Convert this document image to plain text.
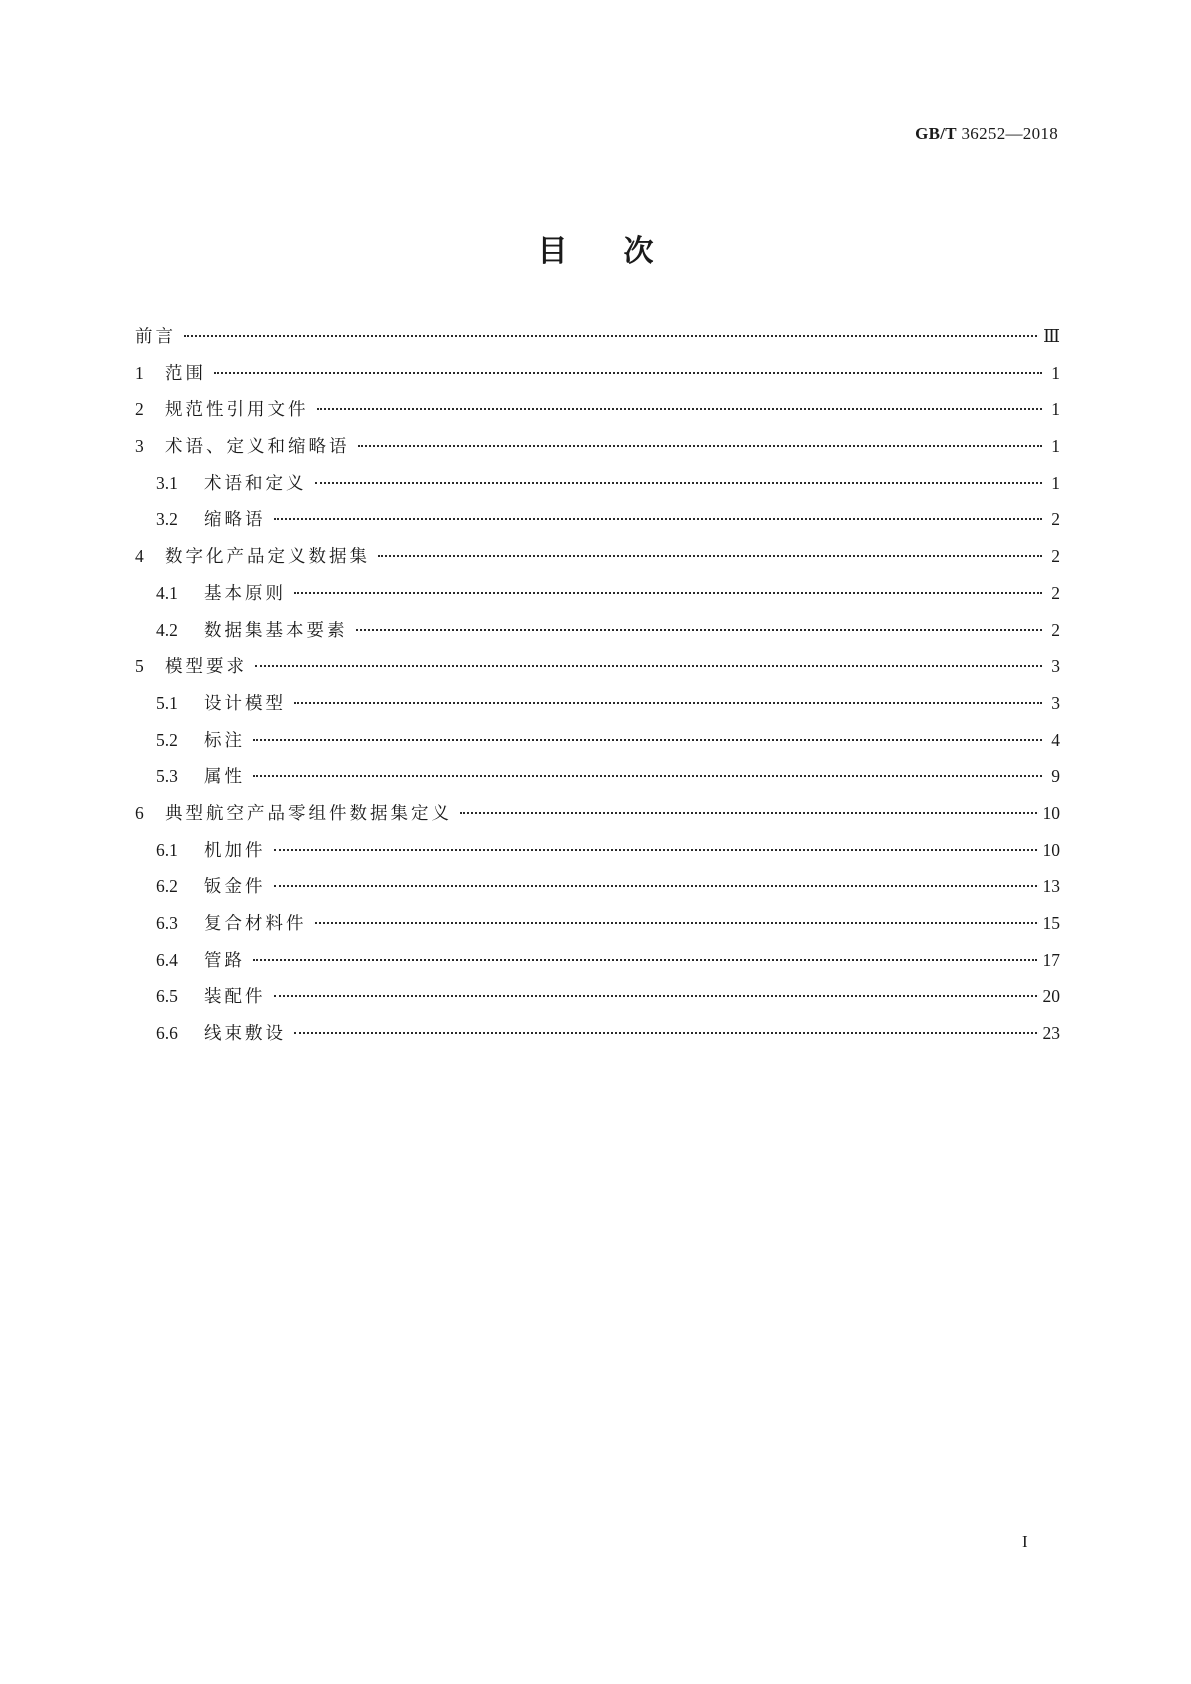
GB/T 36252—2018
目次
前言	Ⅲ
1	范围	1
2	规范性引用文件	1
3	术语、定义和缩略语	1
3.1	术语和定义	1
3.2	缩略语	2
4	数字化产品定义数据集	2
4.1	基本原则	2
4.2	数据集基本要素	2
5	模型要求	3
5.1	设计模型	3
5.2	标注	4
5.3	属性	9
6	典型航空产品零组件数据集定义	10
6.1	机加件	10
6.2	钣金件	13
6.3	复合材料件	15
6.4	管路	17
6.5	装配件	20
6.6	线束敷设	23
I
